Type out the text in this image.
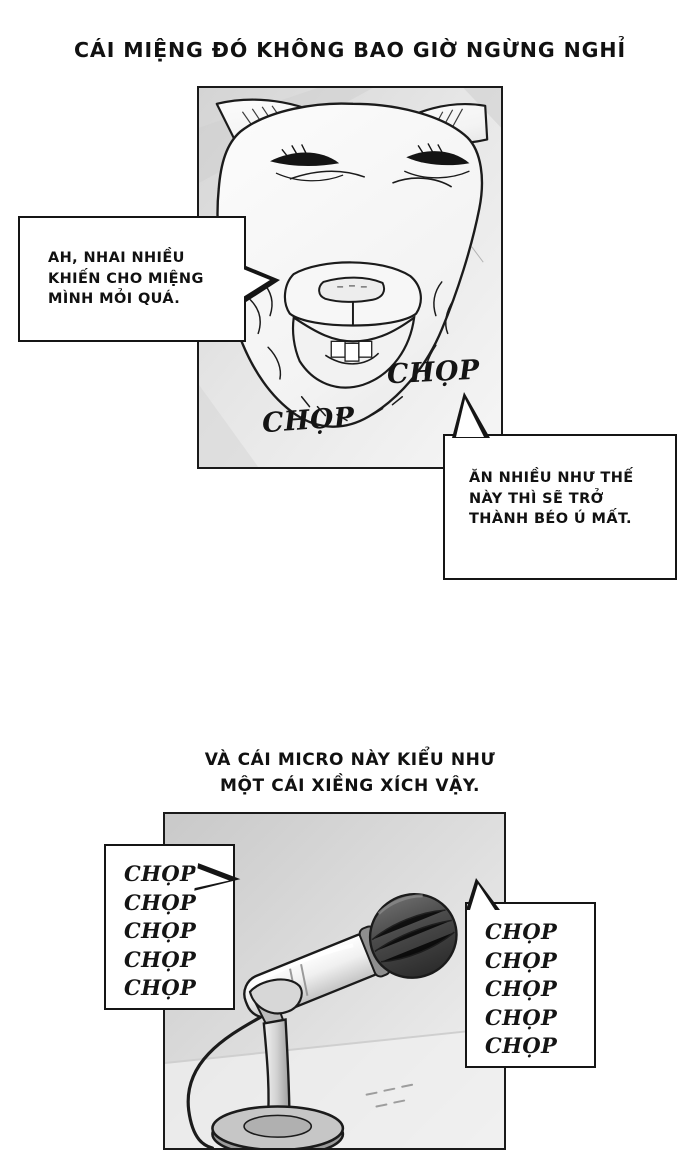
CÁI MIỆNG ĐÓ KHÔNG BAO GIỜ NGỪNG NGHỈ
CHỌP
CHỌP
AH, NHAI NHIỀU
KHIẾN CHO MIỆNG
MÌNH MỎI QUÁ.
ĂN NHIỀU NHƯ THẾ
NÀY THÌ SẼ TRỞ
THÀNH BÉO Ú MẤT.
VÀ CÁI MICRO NÀY KIỂU NHƯ
MỘT CÁI XIỀNG XÍCH VẬY.
CHỌP
CHỌP
CHỌP
CHỌP
CHỌP
CHỌP
CHỌP
CHỌP
CHỌP
CHỌP
